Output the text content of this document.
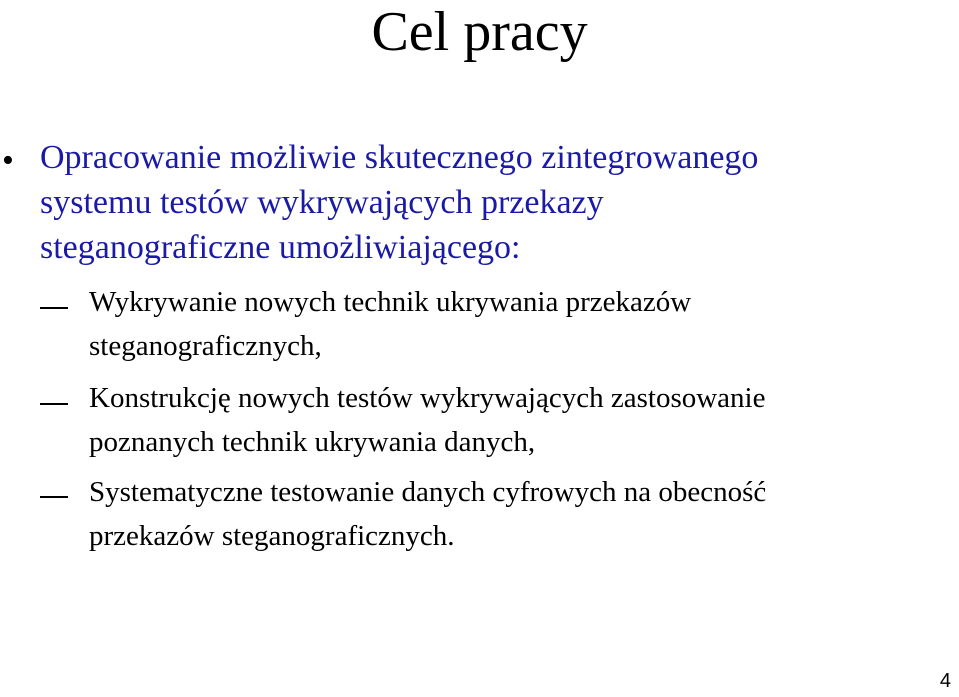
Cel pracy
• Opracowanie możliwie skutecznego zintegrowanego
systemu testów wykrywających przekazy
steganograficzne umożliwiającego:
Wykrywanie nowych technik ukrywania przekazów
steganograficznych,
Konstrukcję nowych testów wykrywających zastosowanie
poznanych technik ukrywania danych,
Systematyczne testowanie danych cyfrowych na obecność
przekazów steganograficznych.
4
